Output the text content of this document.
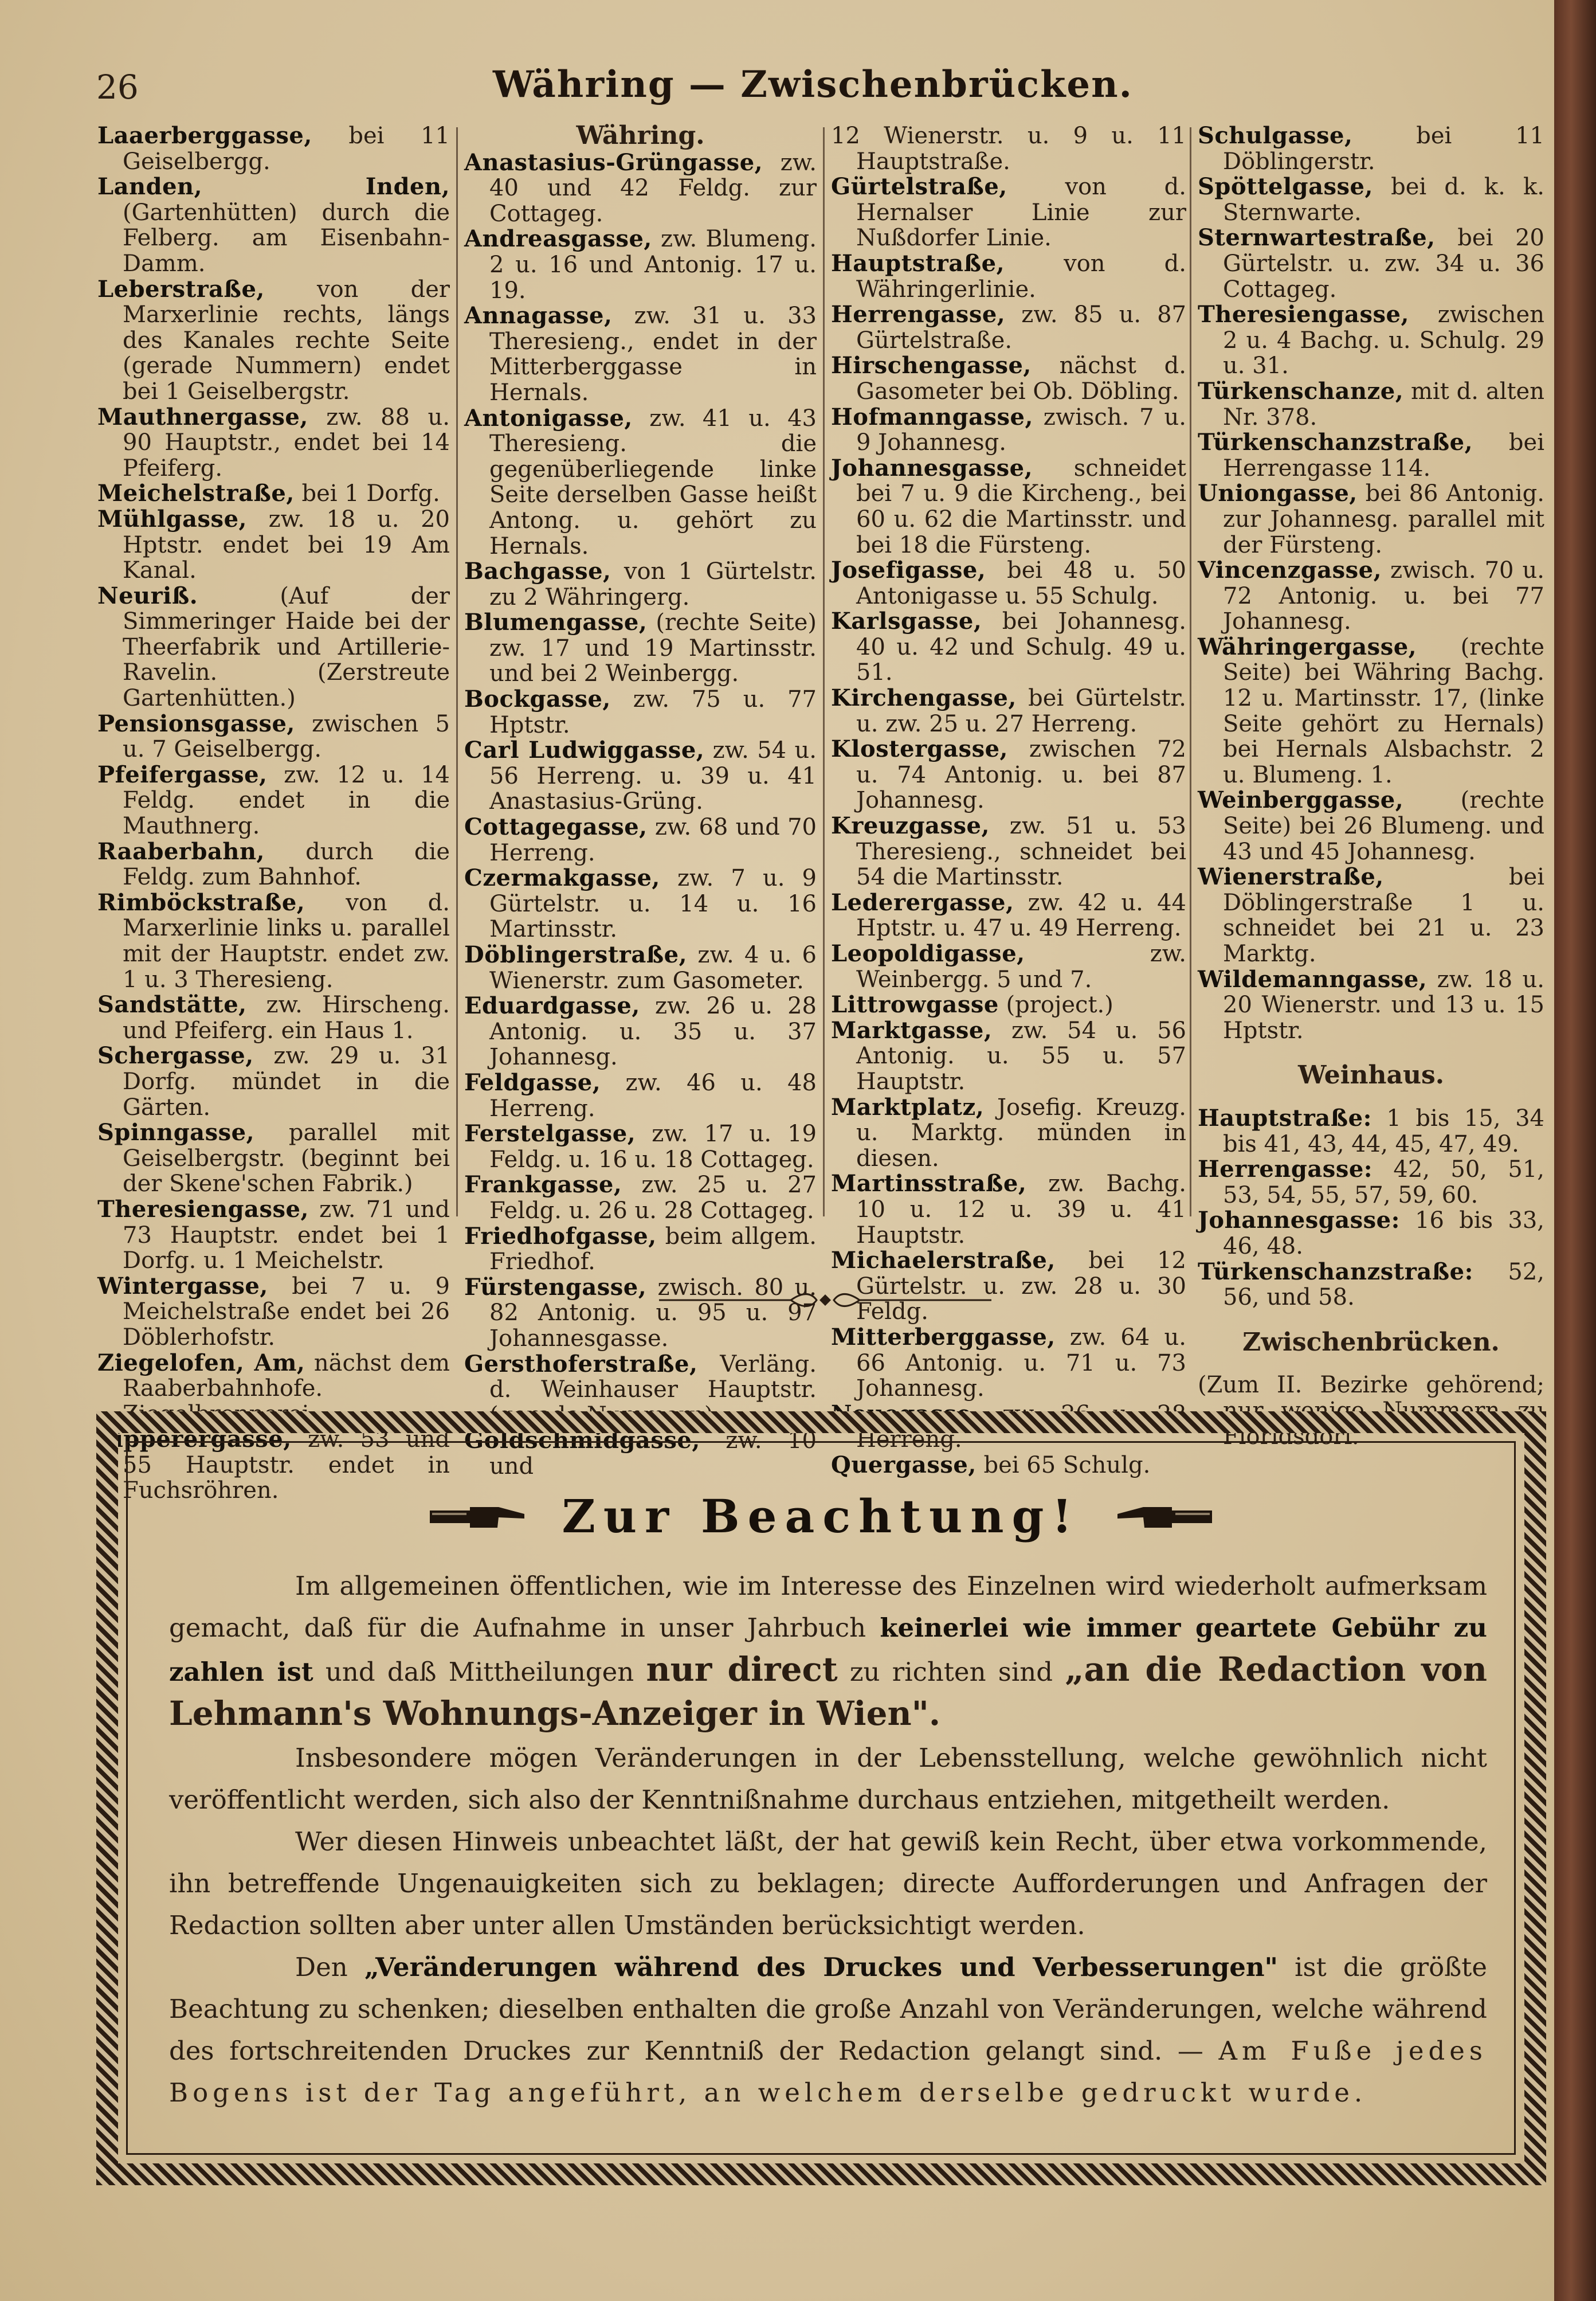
26	Währing — Zwischenbrücken.

Laaerberggasse, bei 11 Geiselbergg.

Landen, Inden, (Gartenhütten) durch die Felberg. am Eisenbahn-Damm.

Leberstraße, von der Marxerlinie rechts, längs des Kanales rechte Seite (gerade Nummern) endet bei 1 Geiselbergstr.

Mauthnergasse, zw. 88 u. 90 Hauptstr., endet bei 14 Pfeiferg.

Meichelstraße, bei 1 Dorfg.

Mühlgasse, zw. 18 u. 20 Hptstr. endet bei 19 Am Kanal.

Neuriß. (Auf der Simmeringer Haide bei der Theerfabrik und Artillerie-Ravelin. (Zerstreute Gartenhütten.)

Pensionsgasse, zwischen 5 u. 7 Geiselbergg.

Pfeifergasse, zw. 12 u. 14 Feldg. endet in die Mauthnerg.

Raaberbahn, durch die Feldg. zum Bahnhof.

Rimböckstraße, von d. Marxerlinie links u. parallel mit der Hauptstr. endet zw. 1 u. 3 Theresieng.

Sandstätte, zw. Hirscheng. und Pfeiferg. ein Haus 1.

Schergasse, zw. 29 u. 31 Dorfg. mündet in die Gärten.

Spinngasse, parallel mit Geiselbergstr. (beginnt bei der Skene'schen Fabrik.)

Theresiengasse, zw. 71 und 73 Hauptstr. endet bei 1 Dorfg. u. 1 Meichelstr.

Wintergasse, bei 7 u. 9 Meichelstraße endet bei 26 Döblerhofstr.

Ziegelofen, Am, nächst dem Raaberbahnhofe. Ziegelbrennerei.

Zipperergasse, zw. 53 und 55 Hauptstr. endet in Fuchsröhren.

Währing.

Anastasius-Grüngasse, zw. 40 und 42 Feldg. zur Cottageg.

Andreasgasse, zw. Blumeng. 2 u. 16 und Antonig. 17 u. 19.

Annagasse, zw. 31 u. 33 Theresieng., endet in der Mitterberggasse in Hernals.

Antonigasse, zw. 41 u. 43 Theresieng. die gegenüberliegende linke Seite derselben Gasse heißt Antong. u. gehört zu Hernals.

Bachgasse, von 1 Gürtelstr. zu 2 Währingerg.

Blumengasse, (rechte Seite) zw. 17 und 19 Martinsstr. und bei 2 Weinbergg.

Bockgasse, zw. 75 u. 77 Hptstr.

Carl Ludwiggasse, zw. 54 u. 56 Herreng. u. 39 u. 41 Anastasius-Grüng.

Cottagegasse, zw. 68 und 70 Herreng.

Czermakgasse, zw. 7 u. 9 Gürtelstr. u. 14 u. 16 Martinsstr.

Döblingerstraße, zw. 4 u. 6 Wienerstr. zum Gasometer.

Eduardgasse, zw. 26 u. 28 Antonig. u. 35 u. 37 Johannesg.

Feldgasse, zw. 46 u. 48 Herreng.

Ferstelgasse, zw. 17 u. 19 Feldg. u. 16 u. 18 Cottageg.

Frankgasse, zw. 25 u. 27 Feldg. u. 26 u. 28 Cottageg.

Friedhofgasse, beim allgem. Friedhof.

Fürstengasse, zwisch. 80 u. 82 Antonig. u. 95 u. 97 Johannesgasse.

Gersthoferstraße, Verläng. d. Weinhauser Hauptstr. (gerade Nummern)

Goldschmidgasse, zw. 10 und

12 Wienerstr. u. 9 u. 11 Hauptstraße.

Gürtelstraße, von d. Hernalser Linie zur Nußdorfer Linie.

Hauptstraße, von d. Währingerlinie.

Herrengasse, zw. 85 u. 87 Gürtelstraße.

Hirschengasse, nächst d. Gasometer bei Ob. Döbling.

Hofmanngasse, zwisch. 7 u. 9 Johannesg.

Johannesgasse, schneidet bei 7 u. 9 die Kircheng., bei 60 u. 62 die Martinsstr. und bei 18 die Fürsteng.

Josefigasse, bei 48 u. 50 Antonigasse u. 55 Schulg.

Karlsgasse, bei Johannesg. 40 u. 42 und Schulg. 49 u. 51.

Kirchengasse, bei Gürtelstr. u. zw. 25 u. 27 Herreng.

Klostergasse, zwischen 72 u. 74 Antonig. u. bei 87 Johannesg.

Kreuzgasse, zw. 51 u. 53 Theresieng., schneidet bei 54 die Martinsstr.

Lederergasse, zw. 42 u. 44 Hptstr. u. 47 u. 49 Herreng.

Leopoldigasse, zw. Weinbergg. 5 und 7.

Littrowgasse (project.)

Marktgasse, zw. 54 u. 56 Antonig. u. 55 u. 57 Hauptstr.

Marktplatz, Josefig. Kreuzg. u. Marktg. münden in diesen.

Martinsstraße, zw. Bachg. 10 u. 12 u. 39 u. 41 Hauptstr.

Michaelerstraße, bei 12 Gürtelstr. u. zw. 28 u. 30 Feldg.

Mitterberggasse, zw. 64 u. 66 Antonig. u. 71 u. 73 Johannesg.

Neuegasse, zw. 26 u. 28 Herreng.

Quergasse, bei 65 Schulg.

Schulgasse, bei 11 Döblingerstr.

Spöttelgasse, bei d. k. k. Sternwarte.

Sternwartestraße, bei 20 Gürtelstr. u. zw. 34 u. 36 Cottageg.

Theresiengasse, zwischen 2 u. 4 Bachg. u. Schulg. 29 u. 31.

Türkenschanze, mit d. alten Nr. 378.

Türkenschanzstraße, bei Herrengasse 114.

Uniongasse, bei 86 Antonig. zur Johannesg. parallel mit der Fürsteng.

Vincenzgasse, zwisch. 70 u. 72 Antonig. u. bei 77 Johannesg.

Währingergasse, (rechte Seite) bei Währing Bachg. 12 u. Martinsstr. 17, (linke Seite gehört zu Hernals) bei Hernals Alsbachstr. 2 u. Blumeng. 1.

Weinberggasse, (rechte Seite) bei 26 Blumeng. und 43 und 45 Johannesg.

Wienerstraße, bei Döblingerstraße 1 u. schneidet bei 21 u. 23 Marktg.

Wildemanngasse, zw. 18 u. 20 Wienerstr. und 13 u. 15 Hptstr.

Weinhaus.

Hauptstraße: 1 bis 15, 34 bis 41, 43, 44, 45, 47, 49.

Herrengasse: 42, 50, 51, 53, 54, 55, 57, 59, 60.

Johannesgasse: 16 bis 33, 46, 48.

Türkenschanzstraße: 52, 56, und 58.

Zwischenbrücken.

(Zum II. Bezirke gehörend; nur wenige Nummern zu Floridsdorf.

Zur Beachtung!

Im allgemeinen öffentlichen, wie im Interesse des Einzelnen wird wiederholt aufmerksam gemacht, daß für die Aufnahme in unser Jahrbuch keinerlei wie immer geartete Gebühr zu zahlen ist und daß Mittheilungen nur direct zu richten sind „an die Redaction von Lehmann's Wohnungs-Anzeiger in Wien".

Insbesondere mögen Veränderungen in der Lebensstellung, welche gewöhnlich nicht veröffentlicht werden, sich also der Kenntnißnahme durchaus entziehen, mitgetheilt werden.

Wer diesen Hinweis unbeachtet läßt, der hat gewiß kein Recht, über etwa vorkommende, ihn betreffende Ungenauigkeiten sich zu beklagen; directe Aufforderungen und Anfragen der Redaction sollten aber unter allen Umständen berücksichtigt werden.

Den „Veränderungen während des Druckes und Verbesserungen" ist die größte Beachtung zu schenken; dieselben enthalten die große Anzahl von Veränderungen, welche während des fortschreitenden Druckes zur Kenntniß der Redaction gelangt sind. — Am Fuße jedes Bogens ist der Tag angeführt, an welchem derselbe gedruckt wurde.
